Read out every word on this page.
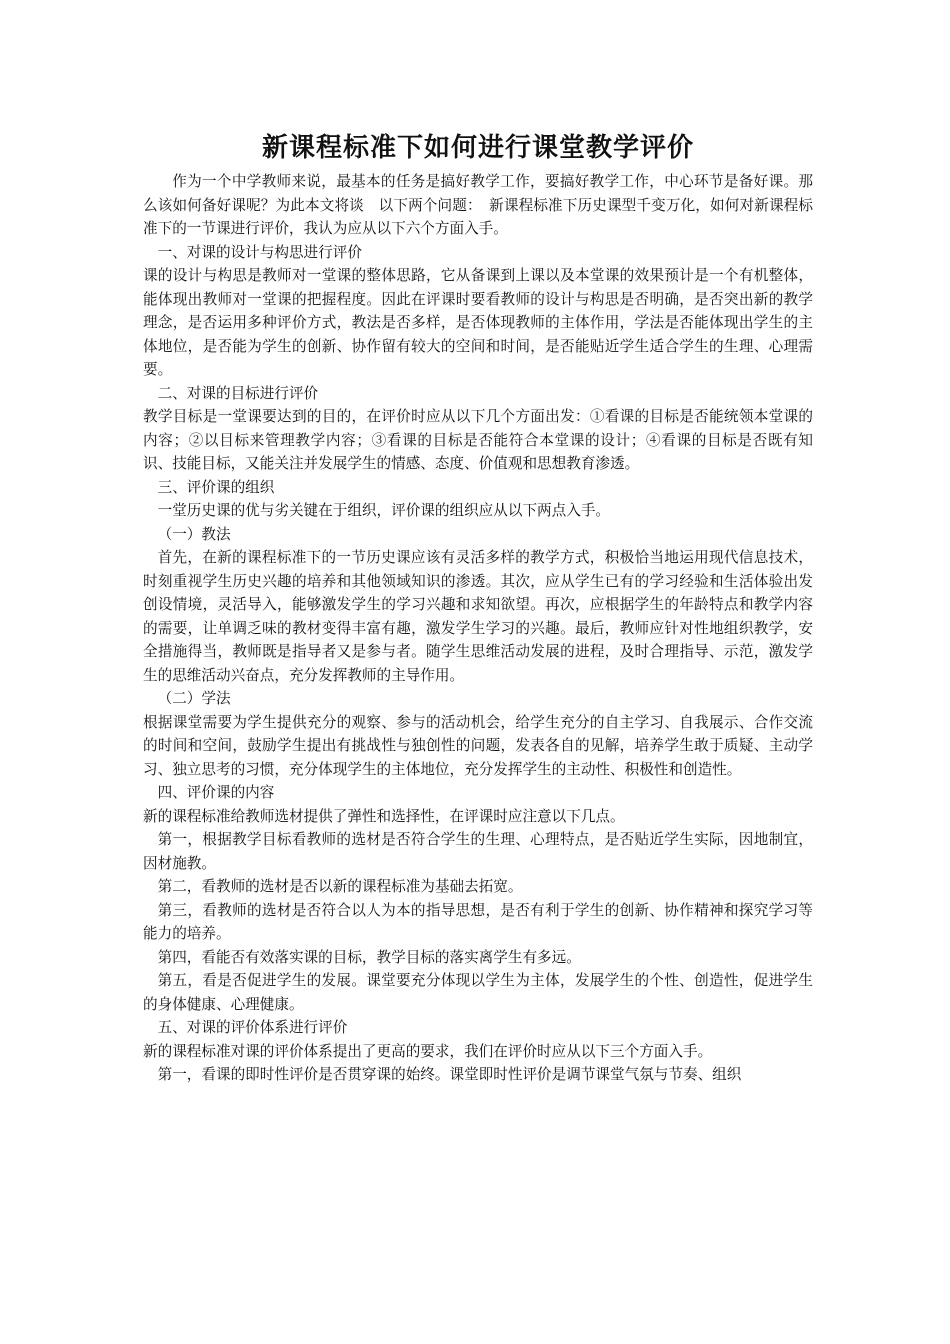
新课程标准下如何进行课堂教学评价

作为一个中学教师来说，最基本的任务是搞好教学工作，要搞好教学工作，中心环节是备好课。那么该如何备好课呢？为此本文将谈　以下两个问题：　新课程标准下历史课型千变万化，如何对新课程标准下的一节课进行评价，我认为应从以下六个方面入手。

一、对课的设计与构思进行评价

课的设计与构思是教师对一堂课的整体思路，它从备课到上课以及本堂课的效果预计是一个有机整体，能体现出教师对一堂课的把握程度。因此在评课时要看教师的设计与构思是否明确，是否突出新的教学理念，是否运用多种评价方式，教法是否多样，是否体现教师的主体作用，学法是否能体现出学生的主体地位，是否能为学生的创新、协作留有较大的空间和时间，是否能贴近学生适合学生的生理、心理需要。

二、对课的目标进行评价

教学目标是一堂课要达到的目的，在评价时应从以下几个方面出发：①看课的目标是否能统领本堂课的内容；②以目标来管理教学内容；③看课的目标是否能符合本堂课的设计；④看课的目标是否既有知识、技能目标，又能关注并发展学生的情感、态度、价值观和思想教育渗透。

三、评价课的组织

一堂历史课的优与劣关键在于组织，评价课的组织应从以下两点入手。

（一）教法

首先，在新的课程标准下的一节历史课应该有灵活多样的教学方式，积极恰当地运用现代信息技术，时刻重视学生历史兴趣的培养和其他领域知识的渗透。其次，应从学生已有的学习经验和生活体验出发创设情境，灵活导入，能够激发学生的学习兴趣和求知欲望。再次，应根据学生的年龄特点和教学内容的需要，让单调乏味的教材变得丰富有趣，激发学生学习的兴趣。最后，教师应针对性地组织教学，安全措施得当，教师既是指导者又是参与者。随学生思维活动发展的进程，及时合理指导、示范，激发学生的思维活动兴奋点，充分发挥教师的主导作用。

（二）学法

根据课堂需要为学生提供充分的观察、参与的活动机会，给学生充分的自主学习、自我展示、合作交流的时间和空间，鼓励学生提出有挑战性与独创性的问题，发表各自的见解，培养学生敢于质疑、主动学习、独立思考的习惯，充分体现学生的主体地位，充分发挥学生的主动性、积极性和创造性。

四、评价课的内容

新的课程标准给教师选材提供了弹性和选择性，在评课时应注意以下几点。

第一，根据教学目标看教师的选材是否符合学生的生理、心理特点，是否贴近学生实际，因地制宜，因材施教。

第二，看教师的选材是否以新的课程标准为基础去拓宽。

第三，看教师的选材是否符合以人为本的指导思想，是否有利于学生的创新、协作精神和探究学习等能力的培养。

第四，看能否有效落实课的目标，教学目标的落实离学生有多远。

第五，看是否促进学生的发展。课堂要充分体现以学生为主体，发展学生的个性、创造性，促进学生的身体健康、心理健康。

五、对课的评价体系进行评价

新的课程标准对课的评价体系提出了更高的要求，我们在评价时应从以下三个方面入手。

第一，看课的即时性评价是否贯穿课的始终。课堂即时性评价是调节课堂气氛与节奏、组织
